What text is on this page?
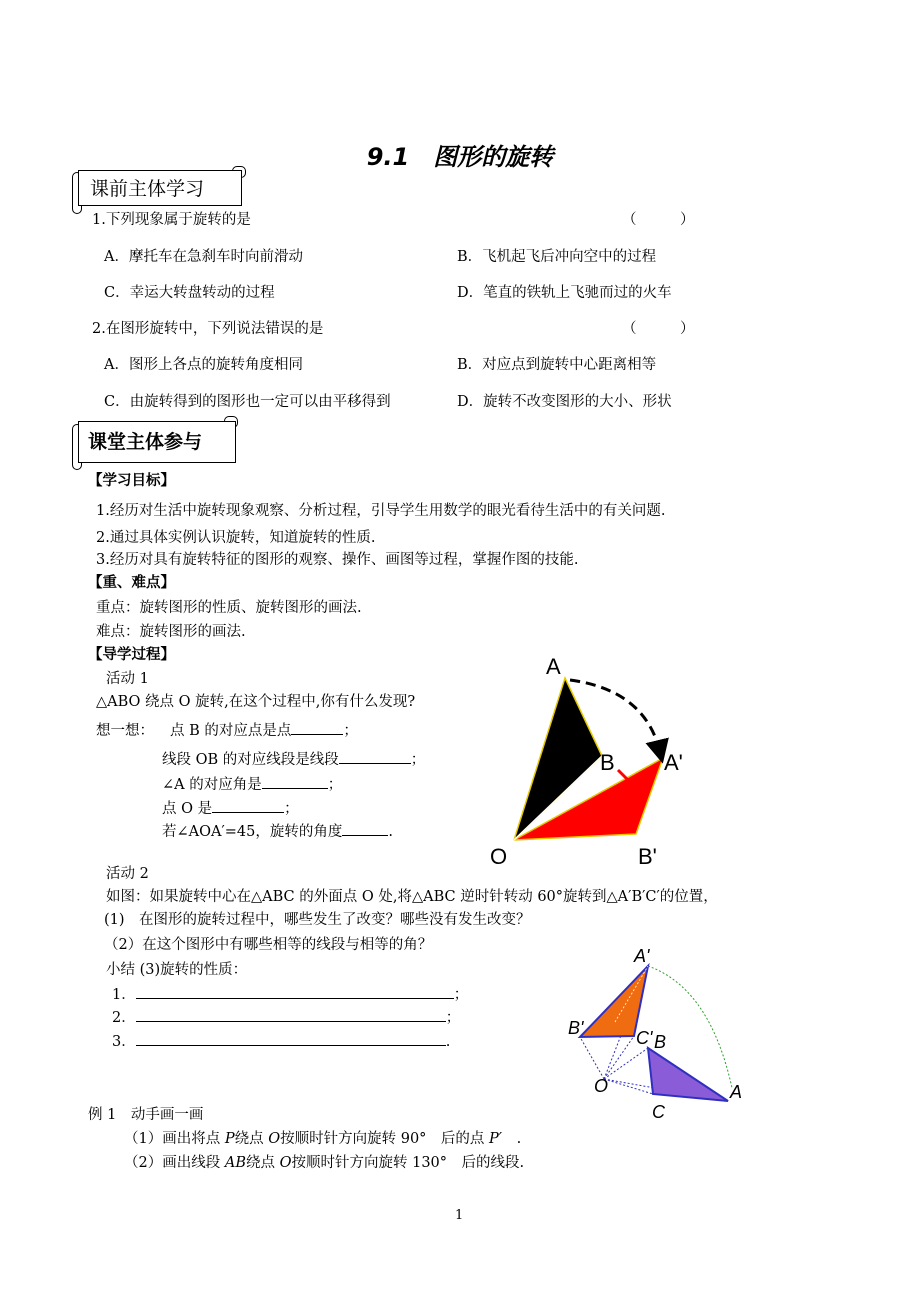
9.1　图形的旋转
课前主体学习
1.下列现象属于旋转的是	（　　　）
A．摩托车在急刹车时向前滑动	B．飞机起飞后冲向空中的过程
C．幸运大转盘转动的过程	D．笔直的铁轨上飞驰而过的火车
2.在图形旋转中，下列说法错误的是	（　　　）
A．图形上各点的旋转角度相同	B．对应点到旋转中心距离相等
C．由旋转得到的图形也一定可以由平移得到	D．旋转不改变图形的大小、形状
课堂主体参与
【学习目标】
1.经历对生活中旋转现象观察、分析过程，引导学生用数学的眼光看待生活中的有关问题.
2.通过具体实例认识旋转，知道旋转的性质.
3.经历对具有旋转特征的图形的观察、操作、画图等过程，掌握作图的技能.
【重、难点】
重点：旋转图形的性质、旋转图形的画法.
难点：旋转图形的画法.
【导学过程】
活动 1
△ABO 绕点 O 旋转,在这个过程中,你有什么发现?
想一想： 点 B 的对应点是点	；
线段 OB 的对应线段是线段	；
∠A 的对应角是	；
点 O 是	；
若∠AOA′=45，旋转的角度	.
A
B A'
O	B'
活动 2
如图：如果旋转中心在△ABC 的外面点 O 处,将△ABC 逆时针转动 60°旋转到△A′B′C′的位置，
(1)　在图形的旋转过程中，哪些发生了改变？哪些没有发生改变？
（2）在这个图形中有哪些相等的线段与相等的角？
小结 (3)旋转的性质：
1．	；
2．	；
3．	.
A'
B'	C' B
O	A
C
例 1　动手画一画
（1）画出将点 P绕点 O按顺时针方向旋转 90°　后的点 P′　.
（2）画出线段 AB绕点 O按顺时针方向旋转 130°　后的线段.
1
